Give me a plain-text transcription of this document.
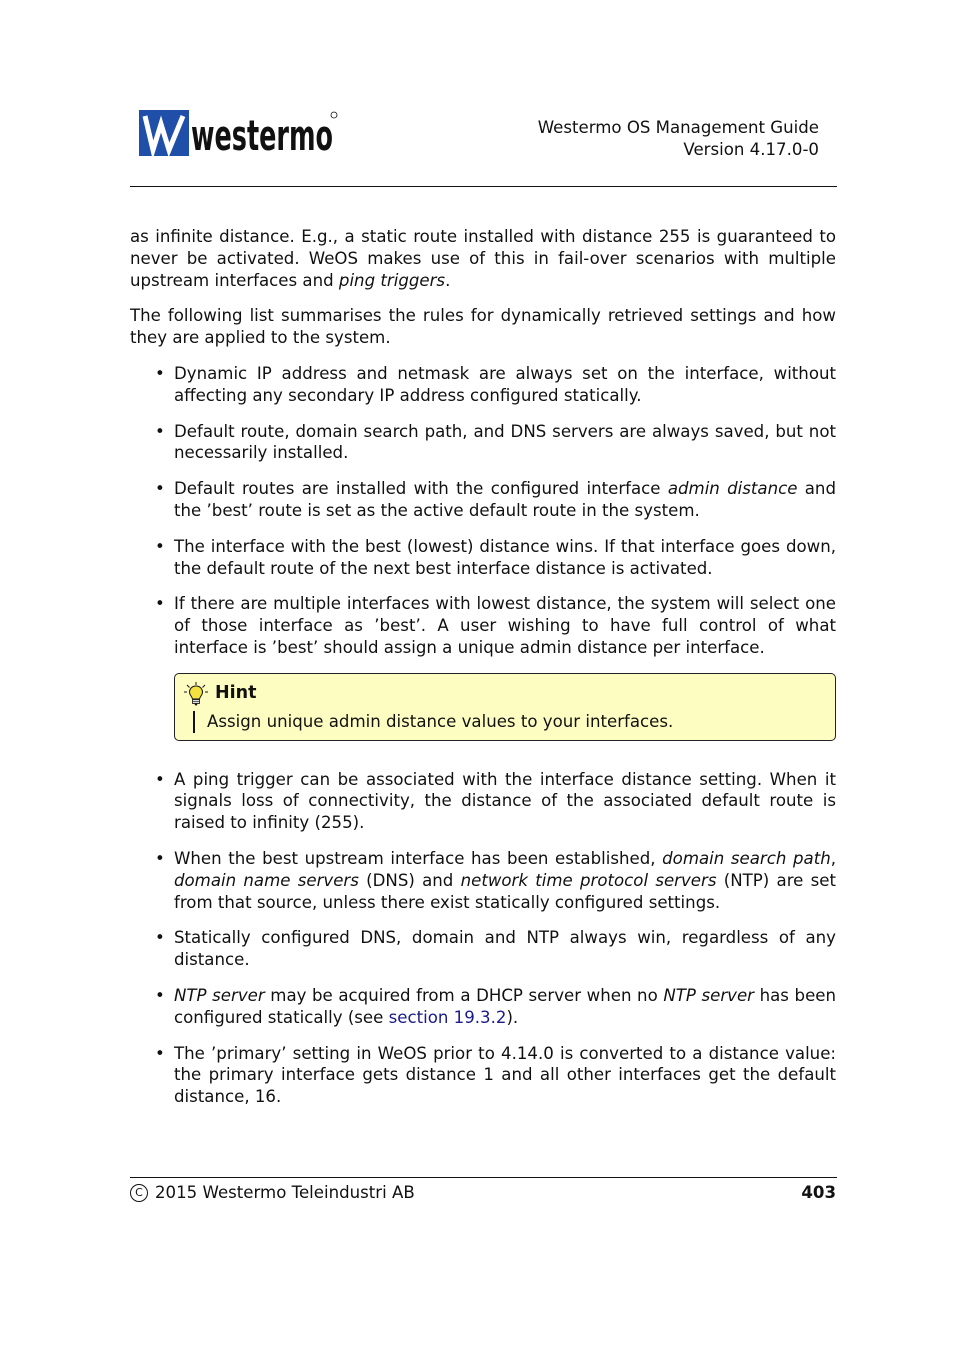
westermo	Westermo OS Management Guide
Version 4.17.0-0

as infinite distance. E.g., a static route installed with distance 255 is guaranteed to never be activated. WeOS makes use of this in fail-over scenarios with multiple upstream interfaces and ping triggers.

The following list summarises the rules for dynamically retrieved settings and how they are applied to the system.

• Dynamic IP address and netmask are always set on the interface, without affecting any secondary IP address configured statically.
• Default route, domain search path, and DNS servers are always saved, but not necessarily installed.
• Default routes are installed with the configured interface admin distance and the ’best’ route is set as the active default route in the system.
• The interface with the best (lowest) distance wins. If that interface goes down, the default route of the next best interface distance is activated.
• If there are multiple interfaces with lowest distance, the system will select one of those interface as ’best’. A user wishing to have full control of what interface is ’best’ should assign a unique admin distance per interface.
Hint
Assign unique admin distance values to your interfaces.
• A ping trigger can be associated with the interface distance setting. When it signals loss of connectivity, the distance of the associated default route is raised to infinity (255).
• When the best upstream interface has been established, domain search path, domain name servers (DNS) and network time protocol servers (NTP) are set from that source, unless there exist statically configured settings.
• Statically configured DNS, domain and NTP always win, regardless of any distance.
• NTP server may be acquired from a DHCP server when no NTP server has been configured statically (see section 19.3.2).
• The ’primary’ setting in WeOS prior to 4.14.0 is converted to a distance value: the primary interface gets distance 1 and all other interfaces get the default distance, 16.
C 2015 Westermo Teleindustri AB	403
